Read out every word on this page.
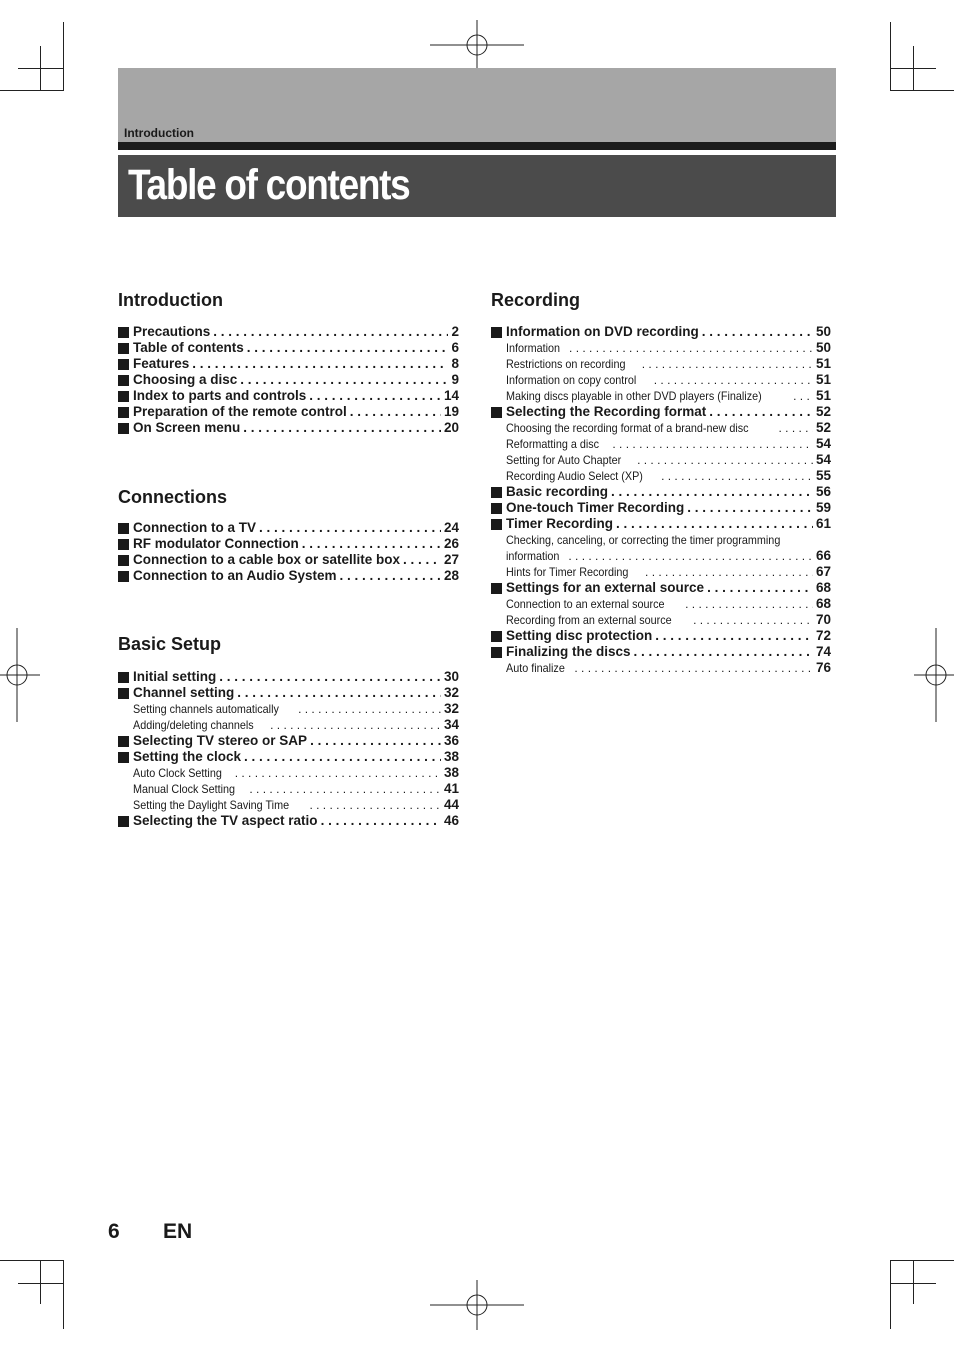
Introduction
Table of contents
Introduction
Precautions . . .	2
Table of contents . . .	6
Features . . .	8
Choosing a disc . . .	9
Index to parts and controls . . .	14
Preparation of the remote control . . .	19
On Screen menu . . .	20
Connections
Connection to a TV . . .	24
RF modulator Connection . . .	26
Connection to a cable box or satellite box . . .	27
Connection to an Audio System . . .	28
Basic Setup
Initial setting . . .	30
Channel setting . . .	32
Setting channels automatically . . .	32
Adding/deleting channels . . .	34
Selecting TV stereo or SAP . . .	36
Setting the clock . . .	38
Auto Clock Setting . . .	38
Manual Clock Setting . . .	41
Setting the Daylight Saving Time . . .	44
Selecting the TV aspect ratio . . .	46
Recording
Information on DVD recording . . .	50
Information . . .	50
Restrictions on recording . . .	51
Information on copy control . . .	51
Making discs playable in other DVD players (Finalize) . . .	51
Selecting the Recording format . . .	52
Choosing the recording format of a brand-new disc . . .	52
Reformatting a disc . . .	54
Setting for Auto Chapter . . .	54
Recording Audio Select (XP) . . .	55
Basic recording . . .	56
One-touch Timer Recording . . .	59
Timer Recording . . .	61
Checking, canceling, or correcting the timer programming
information . . .	66
Hints for Timer Recording . . .	67
Settings for an external source . . .	68
Connection to an external source . . .	68
Recording from an external source . . .	70
Setting disc protection . . .	72
Finalizing the discs . . .	74
Auto finalize . . .	76
6 EN
